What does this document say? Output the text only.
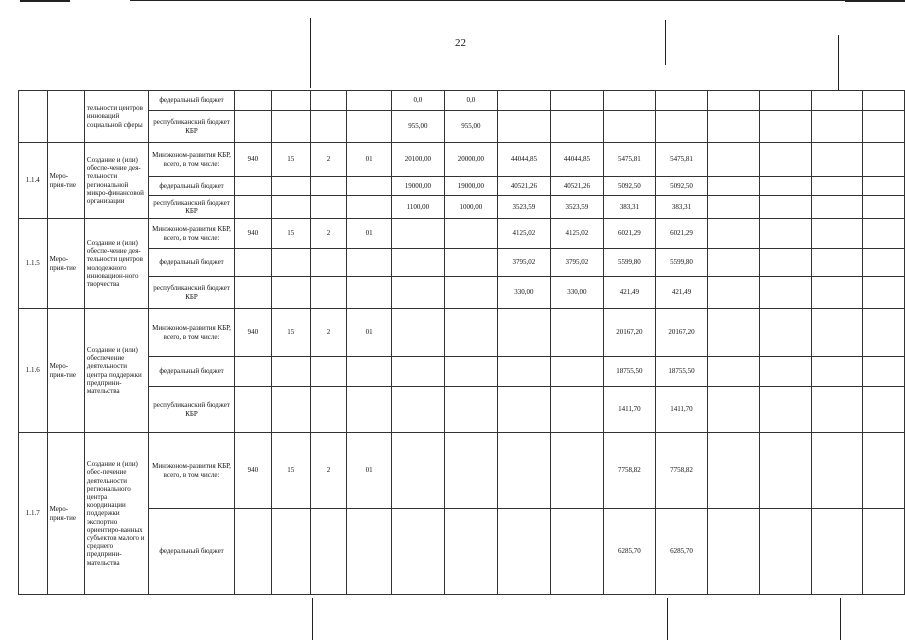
22
		тельности центров инноваций социальной сферы	федеральный бюджет					0,0	0,0								
			республиканский бюджет КБР					955,00	955,00								
1.1.4	Меро-прия-тие	Создание и (или) обеспе-чение дея-тельности региональной микро-финансовой организации	Минэконом-развития КБР, всего, в том числе:	940	15	2	01	20100,00	20000,00	44044,85	44044,85	5475,81	5475,81				
			федеральный бюджет					19000,00	19000,00	40521,26	40521,26	5092,50	5092,50				
			республиканский бюджет КБР					1100,00	1000,00	3523,59	3523,59	383,31	383,31				
1.1.5	Меро-прия-тие	Создание и (или) обеспе-чение дея-тельности центров молодежного инновацион-ного творчества	Минэконом-развития КБР, всего, в том числе:	940	15	2	01			4125,02	4125,02	6021,29	6021,29				
			федеральный бюджет							3795,02	3795,02	5599,80	5599,80				
			республиканский бюджет КБР							330,00	330,00	421,49	421,49				
1.1.6	Меро-прия-тие	Создание и (или) обеспечение деятельности центра поддержки предприни-мательства	Минэконом-развития КБР, всего, в том числе:	940	15	2	01					20167,20	20167,20				
			федеральный бюджет									18755,50	18755,50				
			республиканский бюджет КБР									1411,70	1411,70				
1.1.7	Меро-прия-тие	Создание и (или) обес-печение деятельности регионального центра координации поддержки экспортно ориентиро-ванных субъектов малого и среднего предприни-мательства	Минэконом-развития КБР, всего, в том числе:	940	15	2	01					7758,82	7758,82				
			федеральный бюджет									6285,70	6285,70				
